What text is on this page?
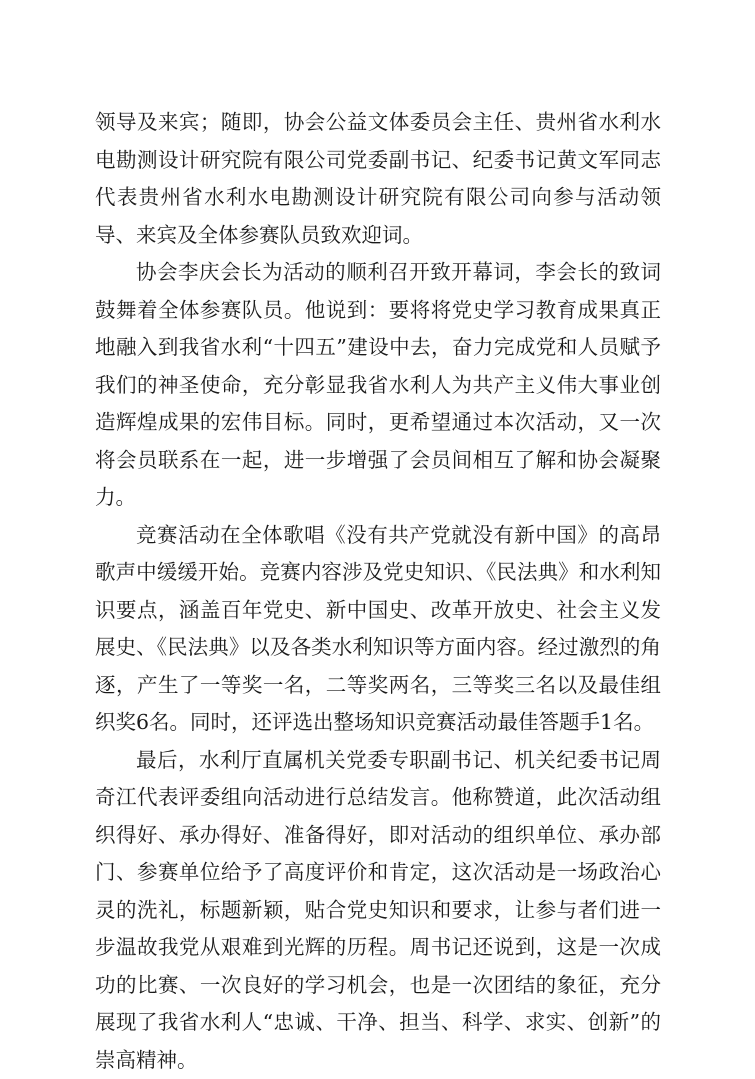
领导及来宾；随即，协会公益文体委员会主任、贵州省水利水电勘测设计研究院有限公司党委副书记、纪委书记黄文军同志代表贵州省水利水电勘测设计研究院有限公司向参与活动领导、来宾及全体参赛队员致欢迎词。

协会李庆会长为活动的顺利召开致开幕词，李会长的致词鼓舞着全体参赛队员。他说到：要将将党史学习教育成果真正地融入到我省水利“十四五”建设中去，奋力完成党和人员赋予我们的神圣使命，充分彰显我省水利人为共产主义伟大事业创造辉煌成果的宏伟目标。同时，更希望通过本次活动，又一次将会员联系在一起，进一步增强了会员间相互了解和协会凝聚力。

竞赛活动在全体歌唱《没有共产党就没有新中国》的高昂歌声中缓缓开始。竞赛内容涉及党史知识、《民法典》和水利知识要点，涵盖百年党史、新中国史、改革开放史、社会主义发展史、《民法典》以及各类水利知识等方面内容。经过激烈的角逐，产生了一等奖一名，二等奖两名，三等奖三名以及最佳组织奖6名。同时，还评选出整场知识竞赛活动最佳答题手1名。

最后，水利厅直属机关党委专职副书记、机关纪委书记周奇江代表评委组向活动进行总结发言。他称赞道，此次活动组织得好、承办得好、准备得好，即对活动的组织单位、承办部门、参赛单位给予了高度评价和肯定，这次活动是一场政治心灵的洗礼，标题新颖，贴合党史知识和要求，让参与者们进一步温故我党从艰难到光辉的历程。周书记还说到，这是一次成功的比赛、一次良好的学习机会，也是一次团结的象征，充分展现了我省水利人“忠诚、干净、担当、科学、求实、创新”的崇高精神。
